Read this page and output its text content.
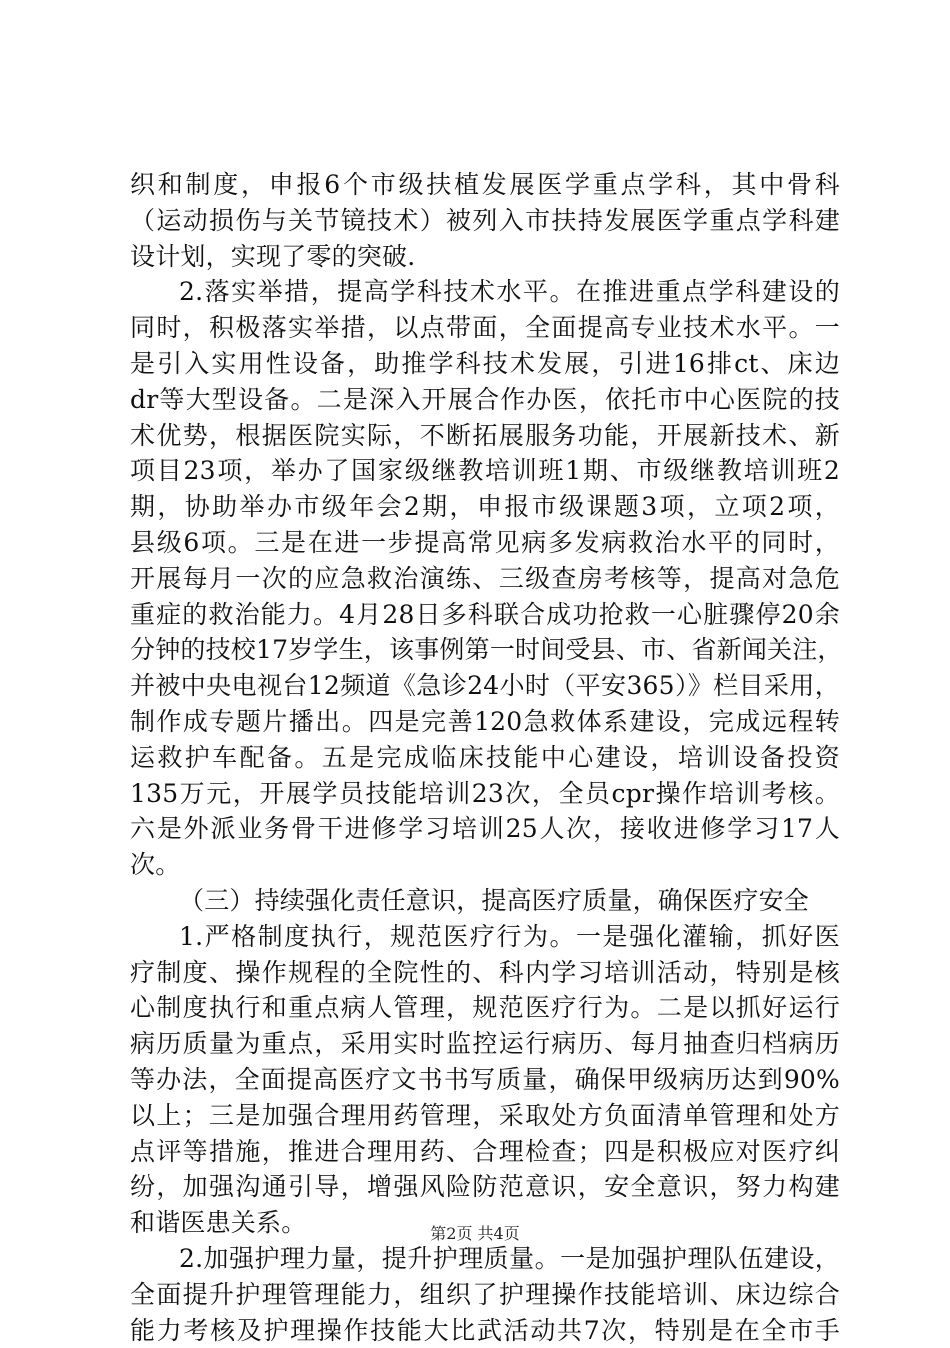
织和制度，申报6个市级扶植发展医学重点学科，其中骨科
（运动损伤与关节镜技术）被列入市扶持发展医学重点学科建
设计划，实现了零的突破.
2.落实举措，提高学科技术水平。在推进重点学科建设的
同时，积极落实举措，以点带面，全面提高专业技术水平。一
是引入实用性设备，助推学科技术发展，引进16排ct、床边
dr等大型设备。二是深入开展合作办医，依托市中心医院的技
术优势，根据医院实际，不断拓展服务功能，开展新技术、新
项目23项，举办了国家级继教培训班1期、市级继教培训班2
期，协助举办市级年会2期，申报市级课题3项，立项2项，
县级6项。三是在进一步提高常见病多发病救治水平的同时，
开展每月一次的应急救治演练、三级查房考核等，提高对急危
重症的救治能力。4月28日多科联合成功抢救一心脏骤停20余
分钟的技校17岁学生，该事例第一时间受县、市、省新闻关注，
并被中央电视台12频道《急诊24小时（平安365）》栏目采用，
制作成专题片播出。四是完善120急救体系建设，完成远程转
运救护车配备。五是完成临床技能中心建设，培训设备投资
135万元，开展学员技能培训23次，全员cpr操作培训考核。
六是外派业务骨干进修学习培训25人次，接收进修学习17人
次。
（三）持续强化责任意识，提高医疗质量，确保医疗安全
1.严格制度执行，规范医疗行为。一是强化灌输，抓好医
疗制度、操作规程的全院性的、科内学习培训活动，特别是核
心制度执行和重点病人管理，规范医疗行为。二是以抓好运行
病历质量为重点，采用实时监控运行病历、每月抽查归档病历
等办法，全面提高医疗文书书写质量，确保甲级病历达到90%
以上；三是加强合理用药管理，采取处方负面清单管理和处方
点评等措施，推进合理用药、合理检查；四是积极应对医疗纠
纷，加强沟通引导，增强风险防范意识，安全意识，努力构建
和谐医患关系。
2.加强护理力量，提升护理质量。一是加强护理队伍建设，
全面提升护理管理能力，组织了护理操作技能培训、床边综合
能力考核及护理操作技能大比武活动共7次，特别是在全市手
第2页 共4页
